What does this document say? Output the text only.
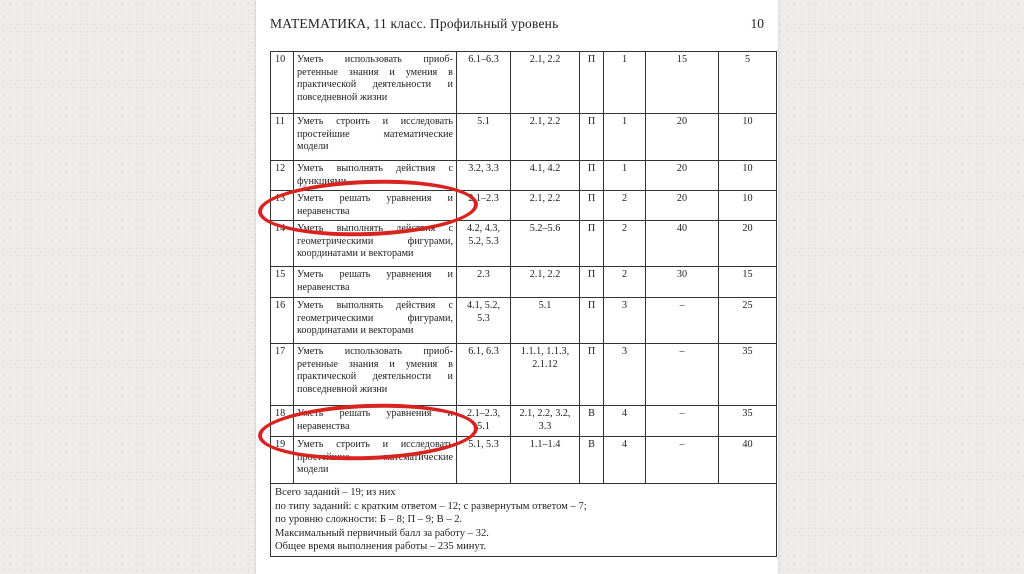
МАТЕМАТИКА, 11 класс. Профильный уровень	10
10	Уметь использовать приоб-ретенные знания и умения в практической деятельности и повседневной жизни	6.1–6.3	2.1, 2.2	П	1	15	5
11	Уметь строить и исследовать простейшие математические модели	5.1	2.1, 2.2	П	1	20	10
12	Уметь выполнять действия с функциями	3.2, 3.3	4.1, 4.2	П	1	20	10
13	Уметь решать уравнения и неравенства	2.1–2.3	2.1, 2.2	П	2	20	10
14	Уметь выполнять действия с геометрическими фигурами, координатами и векторами	4.2, 4.3, 5.2, 5.3	5.2–5.6	П	2	40	20
15	Уметь решать уравнения и неравенства	2.3	2.1, 2.2	П	2	30	15
16	Уметь выполнять действия с геометрическими фигурами, координатами и векторами	4.1, 5.2, 5.3	5.1	П	3	–	25
17	Уметь использовать приоб-ретенные знания и умения в практической деятельности и повседневной жизни	6.1, 6.3	1.1.1, 1.1.3, 2.1.12	П	3	–	35
18	Уметь решать уравнения и неравенства	2.1–2.3, 5.1	2.1, 2.2, 3.2, 3.3	В	4	–	35
19	Уметь строить и исследовать простейшие математические модели	5.1, 5.3	1.1–1.4	В	4	–	40

Всего заданий – 19; из них
по типу заданий: с кратким ответом – 12; с развернутым ответом – 7;
по уровню сложности: Б – 8; П – 9; В – 2.
Максимальный первичный балл за работу – 32.
Общее время выполнения работы – 235 минут.							
